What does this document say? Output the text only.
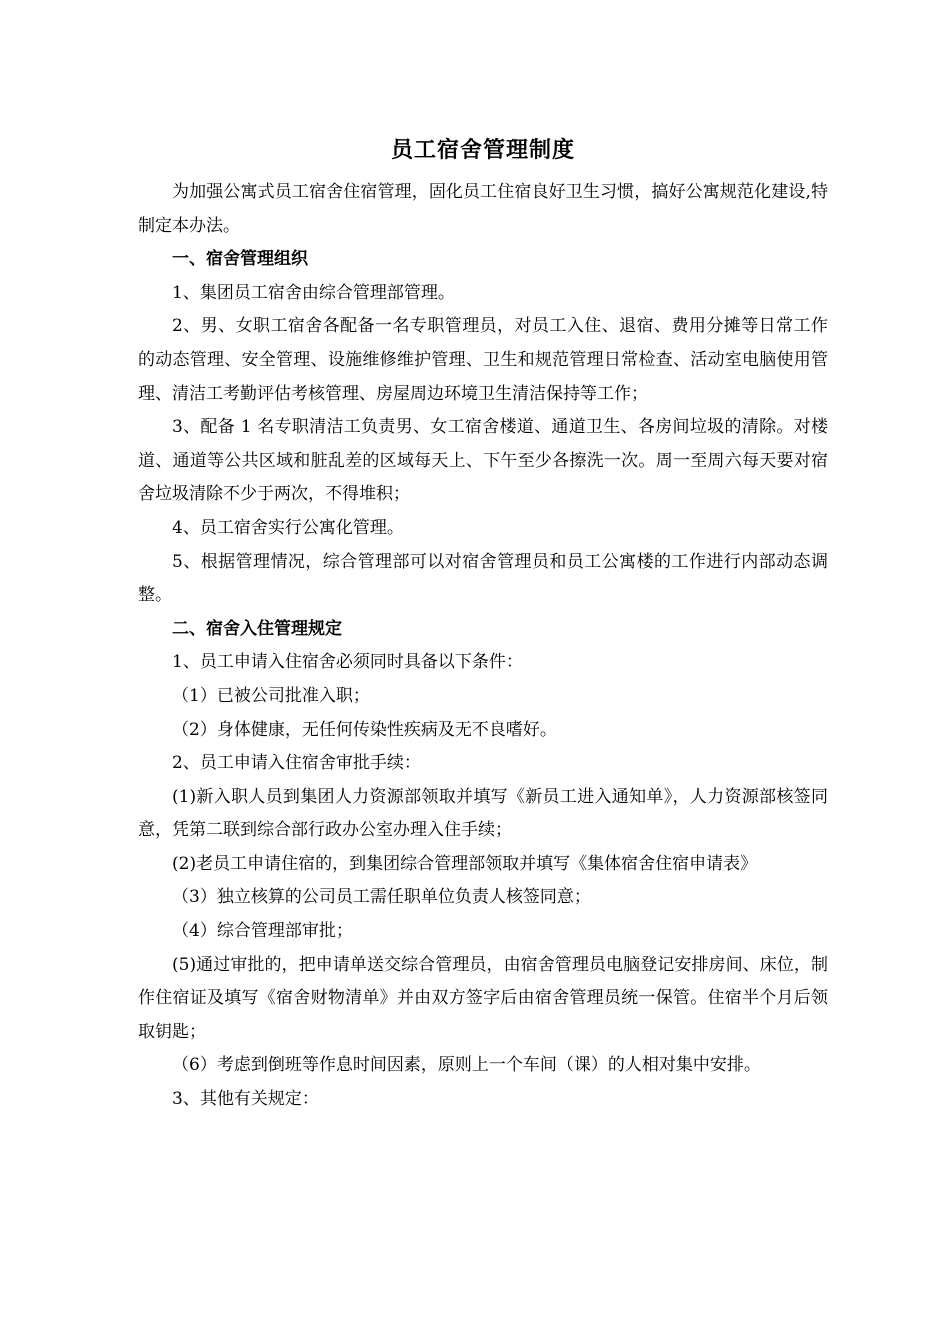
员工宿舍管理制度

为加强公寓式员工宿舍住宿管理，固化员工住宿良好卫生习惯，搞好公寓规范化建设,特制定本办法。

一、宿舍管理组织

1、集团员工宿舍由综合管理部管理。

2、男、女职工宿舍各配备一名专职管理员，对员工入住、退宿、费用分摊等日常工作的动态管理、安全管理、设施维修维护管理、卫生和规范管理日常检查、活动室电脑使用管理、清洁工考勤评估考核管理、房屋周边环境卫生清洁保持等工作；

3、配备 1 名专职清洁工负责男、女工宿舍楼道、通道卫生、各房间垃圾的清除。对楼道、通道等公共区域和脏乱差的区域每天上、下午至少各擦洗一次。周一至周六每天要对宿舍垃圾清除不少于两次，不得堆积；

4、员工宿舍实行公寓化管理。

5、根据管理情况，综合管理部可以对宿舍管理员和员工公寓楼的工作进行内部动态调整。

二、宿舍入住管理规定

1、员工申请入住宿舍必须同时具备以下条件：

（1）已被公司批准入职；

（2）身体健康，无任何传染性疾病及无不良嗜好。

2、员工申请入住宿舍审批手续：

(1)新入职人员到集团人力资源部领取并填写《新员工进入通知单》，人力资源部核签同意，凭第二联到综合部行政办公室办理入住手续；

(2)老员工申请住宿的，到集团综合管理部领取并填写《集体宿舍住宿申请表》

（3）独立核算的公司员工需任职单位负责人核签同意；

（4）综合管理部审批；

(5)通过审批的，把申请单送交综合管理员，由宿舍管理员电脑登记安排房间、床位，制作住宿证及填写《宿舍财物清单》并由双方签字后由宿舍管理员统一保管。住宿半个月后领取钥匙；

（6）考虑到倒班等作息时间因素，原则上一个车间（课）的人相对集中安排。

3、其他有关规定：
